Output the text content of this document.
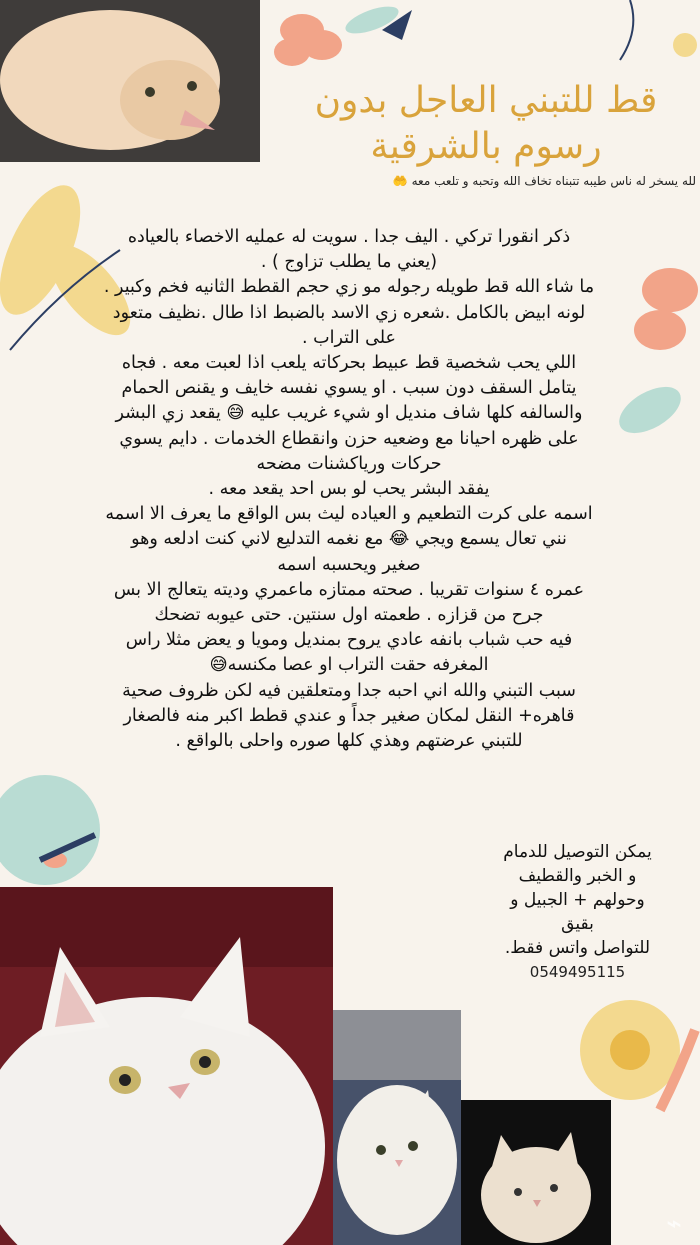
قط للتبني العاجل بدون رسوم بالشرقية
لله يسخر له ناس طيبه تتبناه تخاف الله وتحبه و تلعب معه 🤲

ذكر انقورا تركي . اليف جدا . سويت له عمليه الاخصاء بالعياده

(يعني ما يطلب تزاوج ) .

ما شاء الله قط طويله رجوله مو زي حجم القطط الثانيه فخم وكبير .

لونه ابيض بالكامل .شعره زي الاسد بالضبط اذا طال .نظيف متعود

على التراب .

اللي يحب شخصية قط عبيط بحركاته يلعب اذا لعبت معه . فجاه

يتامل السقف دون سبب . او يسوي نفسه خايف و يقنص الحمام

والسالفه كلها شاف منديل او شيء غريب عليه 😅 يقعد زي البشر

على ظهره احيانا مع وضعيه حزن وانقطاع الخدمات . دايم يسوي

حركات ورياكشنات مضحه

يفقد البشر يحب لو بس احد يقعد معه .

اسمه على كرت التطعيم و العياده ليث بس الواقع ما يعرف الا اسمه

نني تعال يسمع ويجي 😂 مع نغمه التدليع لاني كنت ادلعه وهو

صغير ويحسبه اسمه

عمره ٤ سنوات تقريبا . صحته ممتازه ماعمري وديته يتعالج الا بس

جرح من قزازه . طعمته اول سنتين. حتى عيوبه تضحك

فيه حب شباب بانفه عادي يروح بمنديل ومويا و يعض مثلا راس

المغرفه حقت التراب او عصا مكنسه😅

سبب التبني والله اني احبه جدا ومتعلقين فيه لكن ظروف صحية

قاهره+ النقل لمكان صغير جداً و عندي قطط اكبر منه فالصغار

للتبني عرضتهم وهذي كلها صوره واحلى بالواقع .

يمكن التوصيل للدمام
و الخبر والقطيف
وحولهم + الجبيل و
بقيق
للتواصل واتس فقط.
0549495115
⌁
